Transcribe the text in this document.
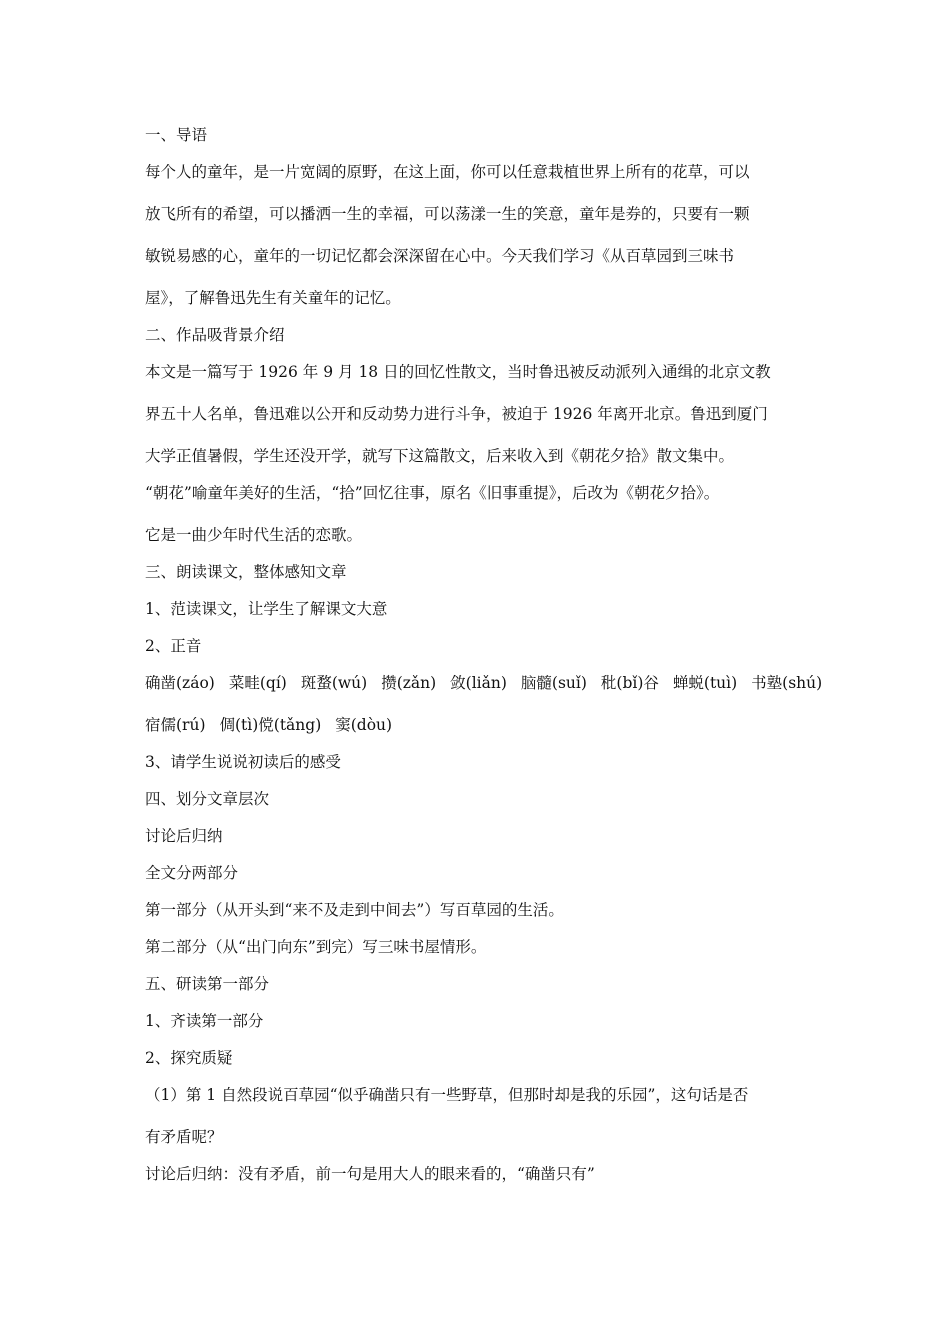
一、导语

每个人的童年，是一片宽阔的原野，在这上面，你可以任意栽植世界上所有的花草，可以

放飞所有的希望，可以播洒一生的幸福，可以荡漾一生的笑意，童年是券的，只要有一颗

敏锐易感的心，童年的一切记忆都会深深留在心中。今天我们学习《从百草园到三味书

屋》，了解鲁迅先生有关童年的记忆。

二、作品吸背景介绍

本文是一篇写于 1926 年 9 月 18 日的回忆性散文，当时鲁迅被反动派列入通缉的北京文教

界五十人名单，鲁迅难以公开和反动势力进行斗争，被迫于 1926 年离开北京。鲁迅到厦门

大学正值暑假，学生还没开学，就写下这篇散文，后来收入到《朝花夕拾》散文集中。

“朝花”喻童年美好的生活，“拾”回忆往事，原名《旧事重提》，后改为《朝花夕拾》。

它是一曲少年时代生活的恋歌。

三、朗读课文，整体感知文章

1、范读课文，让学生了解课文大意

2、正音

确凿(záo) 菜畦(qí) 斑蝥(wú) 攒(zǎn) 敛(liǎn) 脑髓(suǐ) 秕(bǐ)谷 蝉蜕(tuì) 书塾(shú)

宿儒(rú) 倜(tì)傥(tǎng) 窦(dòu)

3、请学生说说初读后的感受

四、划分文章层次

讨论后归纳

全文分两部分

第一部分（从开头到“来不及走到中间去”）写百草园的生活。

第二部分（从“出门向东”到完）写三味书屋情形。

五、研读第一部分

1、齐读第一部分

2、探究质疑

（1）第 1 自然段说百草园“似乎确凿只有一些野草，但那时却是我的乐园”，这句话是否

有矛盾呢？

讨论后归纳：没有矛盾，前一句是用大人的眼来看的，“确凿只有”
